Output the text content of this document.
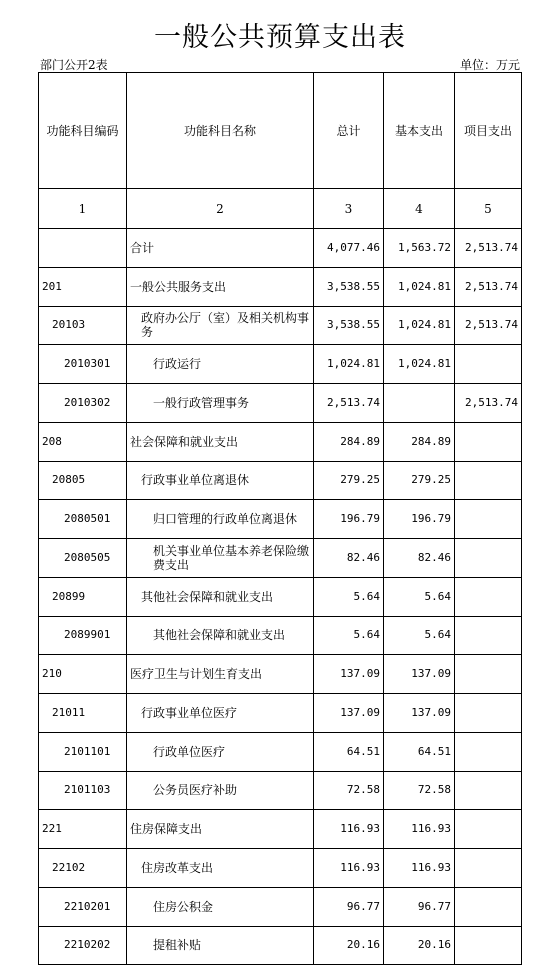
一般公共预算支出表
部门公开2表	单位：万元
功能科目编码	功能科目名称	总计	基本支出	项目支出
1	2	3	4	5
	合计	4,077.46	1,563.72	2,513.74
201	一般公共服务支出	3,538.55	1,024.81	2,513.74
20103	政府办公厅（室）及相关机构事务	3,538.55	1,024.81	2,513.74
2010301	行政运行	1,024.81	1,024.81	
2010302	一般行政管理事务	2,513.74		2,513.74
208	社会保障和就业支出	284.89	284.89	
20805	行政事业单位离退休	279.25	279.25	
2080501	归口管理的行政单位离退休	196.79	196.79	
2080505	机关事业单位基本养老保险缴费支出	82.46	82.46	
20899	其他社会保障和就业支出	5.64	5.64	
2089901	其他社会保障和就业支出	5.64	5.64	
210	医疗卫生与计划生育支出	137.09	137.09	
21011	行政事业单位医疗	137.09	137.09	
2101101	行政单位医疗	64.51	64.51	
2101103	公务员医疗补助	72.58	72.58	
221	住房保障支出	116.93	116.93	
22102	住房改革支出	116.93	116.93	
2210201	住房公积金	96.77	96.77	
2210202	提租补贴	20.16	20.16	
